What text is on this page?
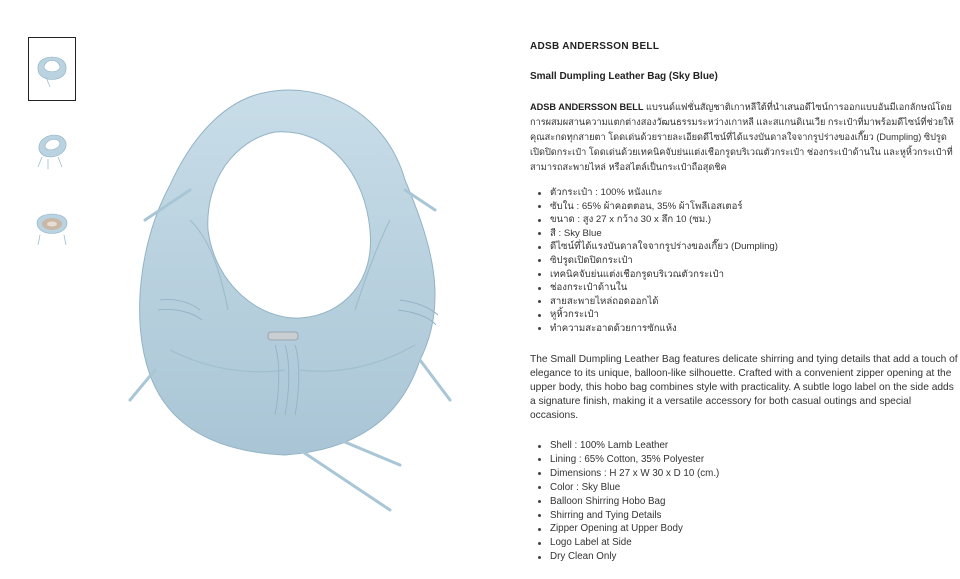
ADSB ANDERSSON BELL
Small Dumpling Leather Bag (Sky Blue)
ADSB ANDERSSON BELL แบรนด์แฟชั่นสัญชาติเกาหลีใต้ที่นำเสนอดีไซน์การออกแบบอันมีเอกลักษณ์โดยการผสมผสานความแตกต่างสองวัฒนธรรมระหว่างเกาหลี และสแกนดิเนเวีย กระเป๋าที่มาพร้อมดีไซน์ที่ช่วยให้คุณสะกดทุกสายตา โดดเด่นด้วยรายละเอียดดีไซน์ที่ได้แรงบันดาลใจจากรูปร่างของเกี๊ยว (Dumpling) ซิปรูดเปิดปิดกระเป๋า โดดเด่นด้วยเทคนิคจับย่นแต่งเชือกรูดบริเวณตัวกระเป๋า ช่องกระเป๋าด้านใน และหูหิ้วกระเป๋าที่สามารถสะพายไหล่ หรือสไตล์เป็นกระเป๋าถือสุดชิค
ตัวกระเป๋า : 100% หนังแกะ
ซับใน : 65% ผ้าคอตตอน, 35% ผ้าโพลีเอสเตอร์
ขนาด : สูง 27 x กว้าง 30 x ลึก 10 (ซม.)
สี : Sky Blue
ดีไซน์ที่ได้แรงบันดาลใจจากรูปร่างของเกี๊ยว (Dumpling)
ซิปรูดเปิดปิดกระเป๋า
เทคนิคจับย่นแต่งเชือกรูดบริเวณตัวกระเป๋า
ช่องกระเป๋าด้านใน
สายสะพายไหล่ถอดออกได้
หูหิ้วกระเป๋า
ทำความสะอาดด้วยการซักแห้ง
The Small Dumpling Leather Bag features delicate shirring and tying details that add a touch of elegance to its unique, balloon-like silhouette. Crafted with a convenient zipper opening at the upper body, this hobo bag combines style with practicality. A subtle logo label on the side adds a signature finish, making it a versatile accessory for both casual outings and special occasions.
Shell : 100% Lamb Leather
Lining : 65% Cotton, 35% Polyester
Dimensions : H 27 x W 30 x D 10 (cm.)
Color : Sky Blue
Balloon Shirring Hobo Bag
Shirring and Tying Details
Zipper Opening at Upper Body
Logo Label at Side
Dry Clean Only
